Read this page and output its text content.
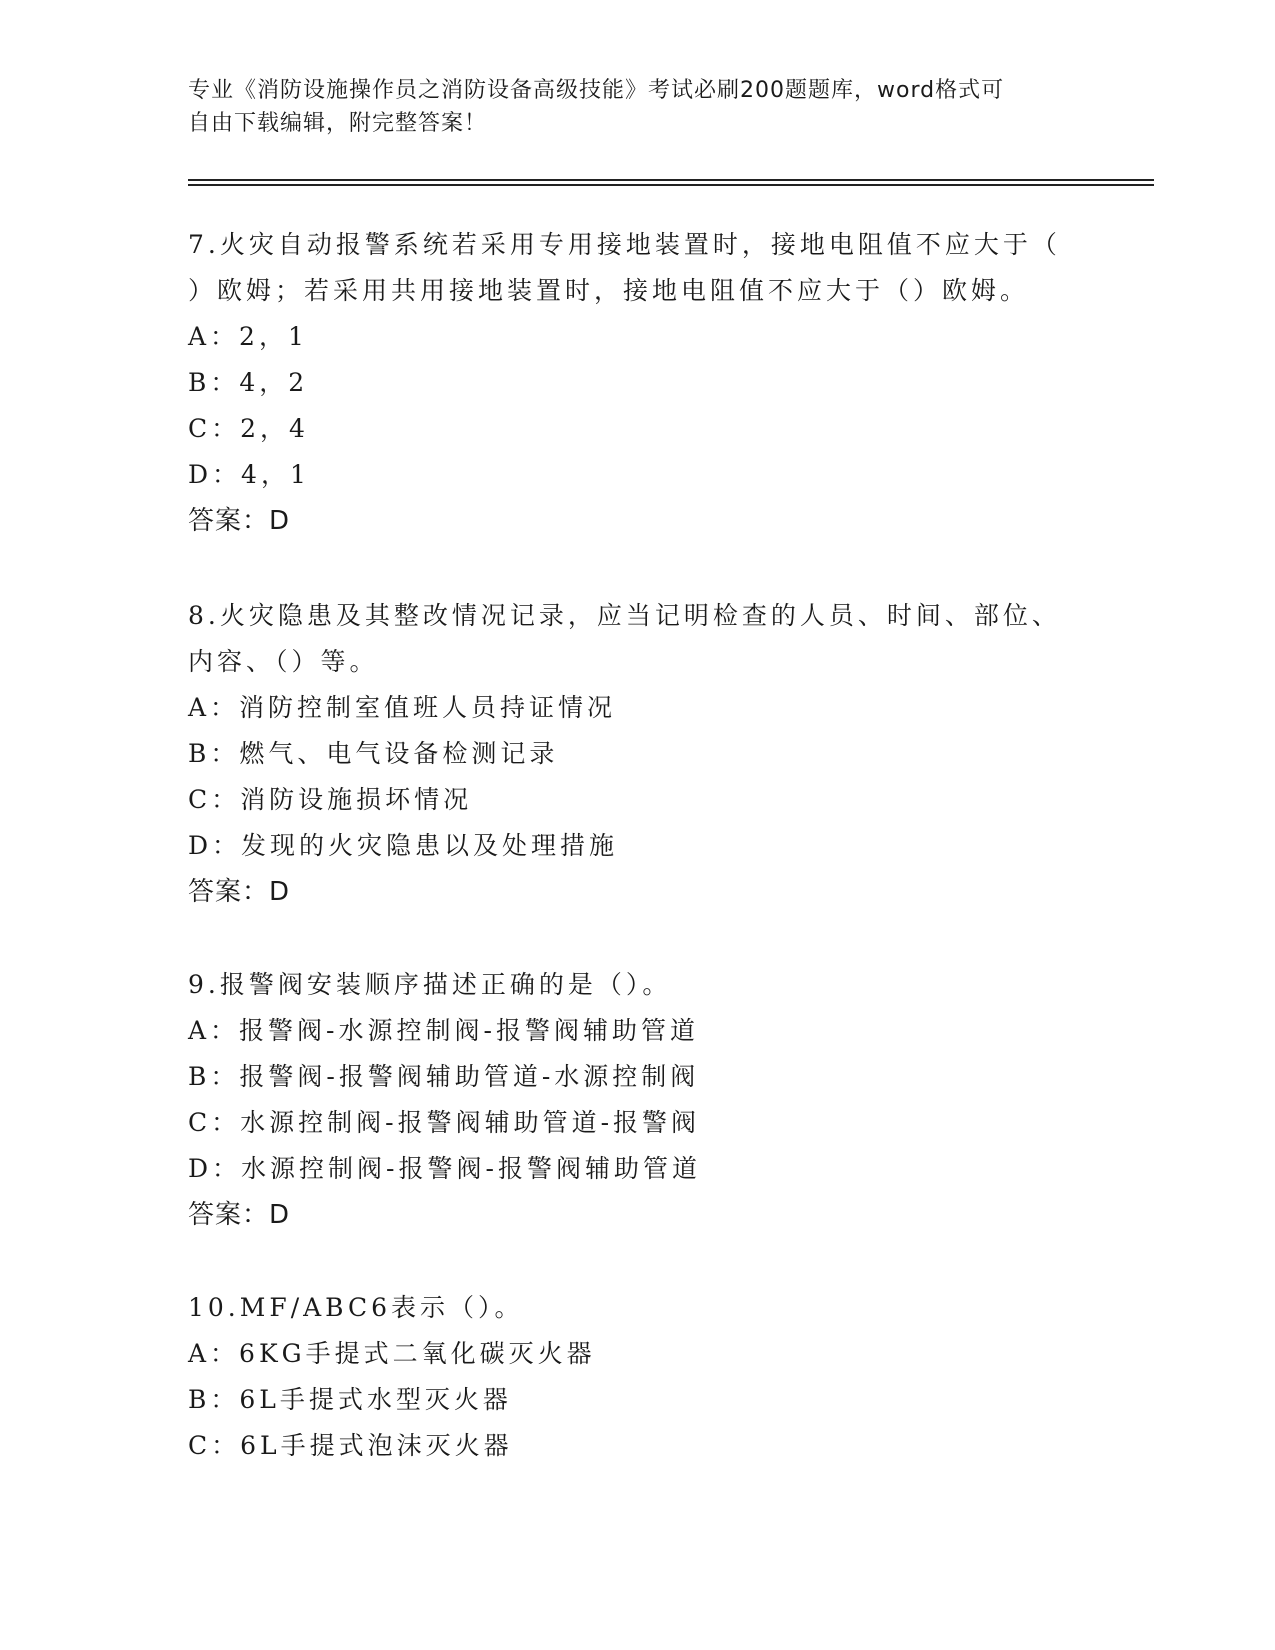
专业《消防设施操作员之消防设备高级技能》考试必刷200题题库，word格式可
自由下载编辑，附完整答案！
7.火灾自动报警系统若采用专用接地装置时，接地电阻值不应大于（
）欧姆；若采用共用接地装置时，接地电阻值不应大于（）欧姆。
A：2，1
B：4，2
C：2，4
D：4，1
答案：D
8.火灾隐患及其整改情况记录，应当记明检查的人员、时间、部位、
内容、（）等。
A：消防控制室值班人员持证情况
B：燃气、电气设备检测记录
C：消防设施损坏情况
D：发现的火灾隐患以及处理措施
答案：D
9.报警阀安装顺序描述正确的是（）。
A：报警阀-水源控制阀-报警阀辅助管道
B：报警阀-报警阀辅助管道-水源控制阀
C：水源控制阀-报警阀辅助管道-报警阀
D：水源控制阀-报警阀-报警阀辅助管道
答案：D
10.MF/ABC6表示（）。
A：6KG手提式二氧化碳灭火器
B：6L手提式水型灭火器
C：6L手提式泡沫灭火器
